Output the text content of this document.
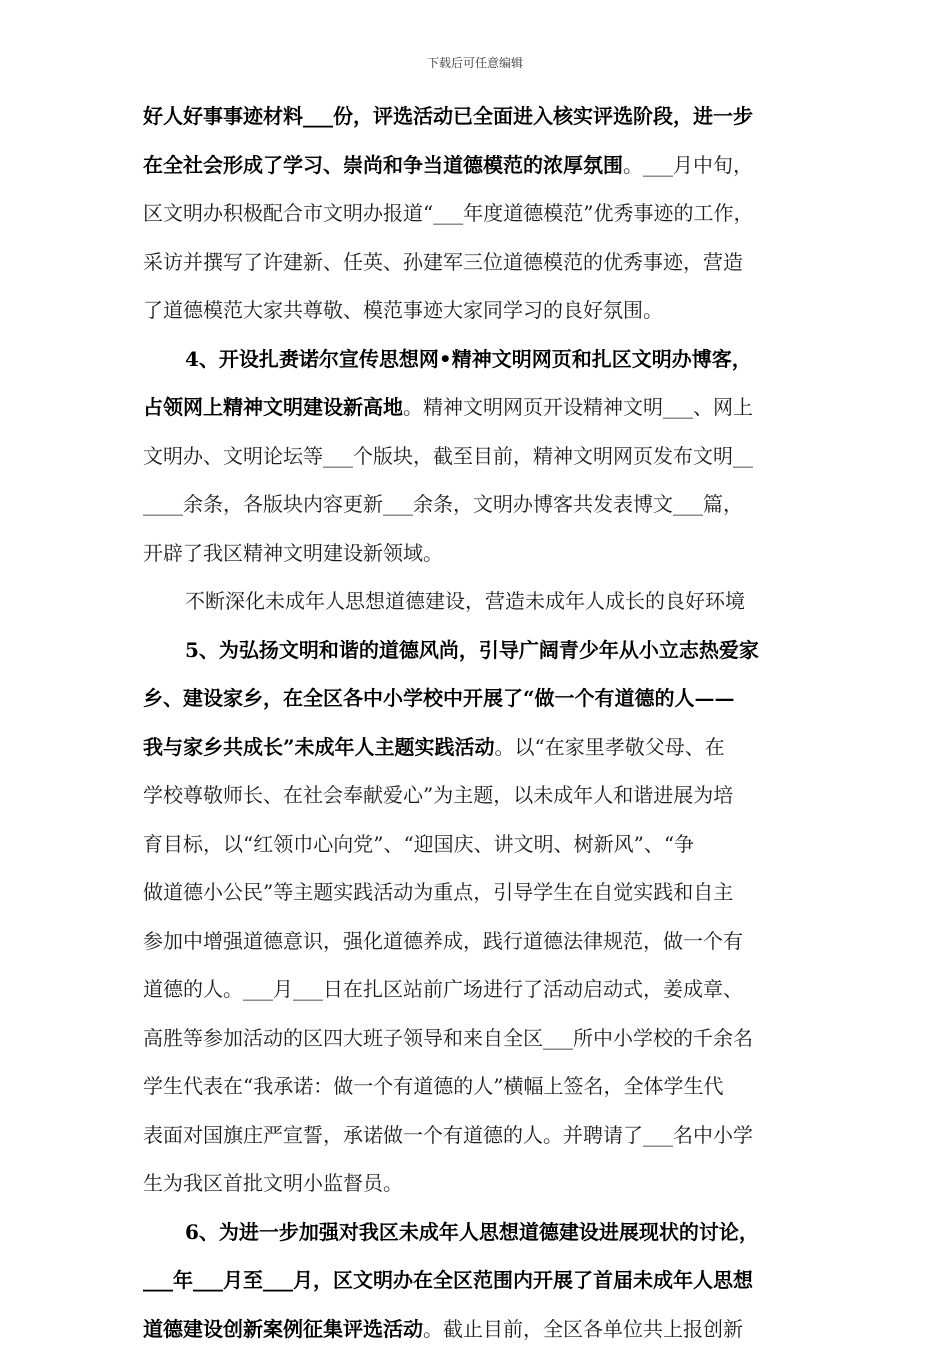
下载后可任意编辑
好人好事事迹材料___份，评选活动已全面进入核实评选阶段，进一步
在全社会形成了学习、崇尚和争当道德模范的浓厚氛围。___月中旬，
区文明办积极配合市文明办报道“___年度道德模范”优秀事迹的工作，
采访并撰写了许建新、任英、孙建军三位道德模范的优秀事迹，营造
了道德模范大家共尊敬、模范事迹大家同学习的良好氛围。
4、开设扎赉诺尔宣传思想网•精神文明网页和扎区文明办博客，
占领网上精神文明建设新高地。精神文明网页开设精神文明___、网上
文明办、文明论坛等___个版块，截至目前，精神文明网页发布文明__
____余条，各版块内容更新___余条，文明办博客共发表博文___篇，
开辟了我区精神文明建设新领域。
不断深化未成年人思想道德建设，营造未成年人成长的良好环境
5、为弘扬文明和谐的道德风尚，引导广阔青少年从小立志热爱家
乡、建设家乡，在全区各中小学校中开展了“做一个有道德的人——
我与家乡共成长”未成年人主题实践活动。以“在家里孝敬父母、在
学校尊敬师长、在社会奉献爱心”为主题，以未成年人和谐进展为培
育目标，以“红领巾心向党”、“迎国庆、讲文明、树新风”、“争
做道德小公民”等主题实践活动为重点，引导学生在自觉实践和自主
参加中增强道德意识，强化道德养成，践行道德法律规范，做一个有
道德的人。___月___日在扎区站前广场进行了活动启动式，姜成章、
高胜等参加活动的区四大班子领导和来自全区___所中小学校的千余名
学生代表在“我承诺：做一个有道德的人”横幅上签名，全体学生代
表面对国旗庄严宣誓，承诺做一个有道德的人。并聘请了___名中小学
生为我区首批文明小监督员。
6、为进一步加强对我区未成年人思想道德建设进展现状的讨论，
___年___月至___月，区文明办在全区范围内开展了首届未成年人思想
道德建设创新案例征集评选活动。截止目前，全区各单位共上报创新
